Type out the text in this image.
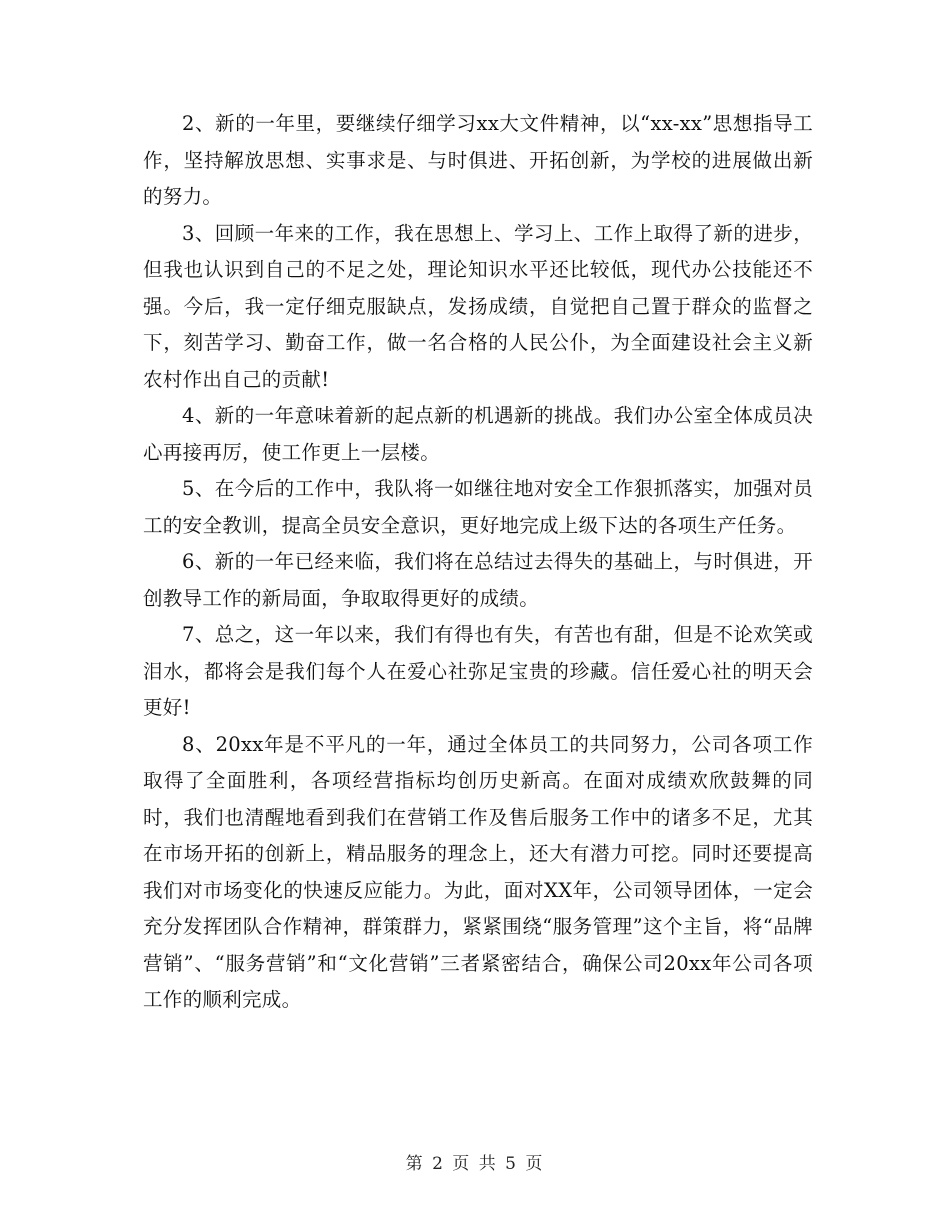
2、新的一年里，要继续仔细学习xx大文件精神，以“xx-xx”思想指导工作，坚持解放思想、实事求是、与时俱进、开拓创新，为学校的进展做出新的努力。

3、回顾一年来的工作，我在思想上、学习上、工作上取得了新的进步，但我也认识到自己的不足之处，理论知识水平还比较低，现代办公技能还不强。今后，我一定仔细克服缺点，发扬成绩，自觉把自己置于群众的监督之下，刻苦学习、勤奋工作，做一名合格的人民公仆，为全面建设社会主义新农村作出自己的贡献!

4、新的一年意味着新的起点新的机遇新的挑战。我们办公室全体成员决心再接再厉，使工作更上一层楼。

5、在今后的工作中，我队将一如继往地对安全工作狠抓落实，加强对员工的安全教训，提高全员安全意识，更好地完成上级下达的各项生产任务。

6、新的一年已经来临，我们将在总结过去得失的基础上，与时俱进，开创教导工作的新局面，争取取得更好的成绩。

7、总之，这一年以来，我们有得也有失，有苦也有甜，但是不论欢笑或泪水，都将会是我们每个人在爱心社弥足宝贵的珍藏。信任爱心社的明天会更好!

8、20xx年是不平凡的一年，通过全体员工的共同努力，公司各项工作取得了全面胜利，各项经营指标均创历史新高。在面对成绩欢欣鼓舞的同时，我们也清醒地看到我们在营销工作及售后服务工作中的诸多不足，尤其在市场开拓的创新上，精品服务的理念上，还大有潜力可挖。同时还要提高我们对市场变化的快速反应能力。为此，面对XX年，公司领导团体，一定会充分发挥团队合作精神，群策群力，紧紧围绕“服务管理”这个主旨，将“品牌营销”、“服务营销”和“文化营销”三者紧密结合，确保公司20xx年公司各项工作的顺利完成。

第 2 页 共 5 页
